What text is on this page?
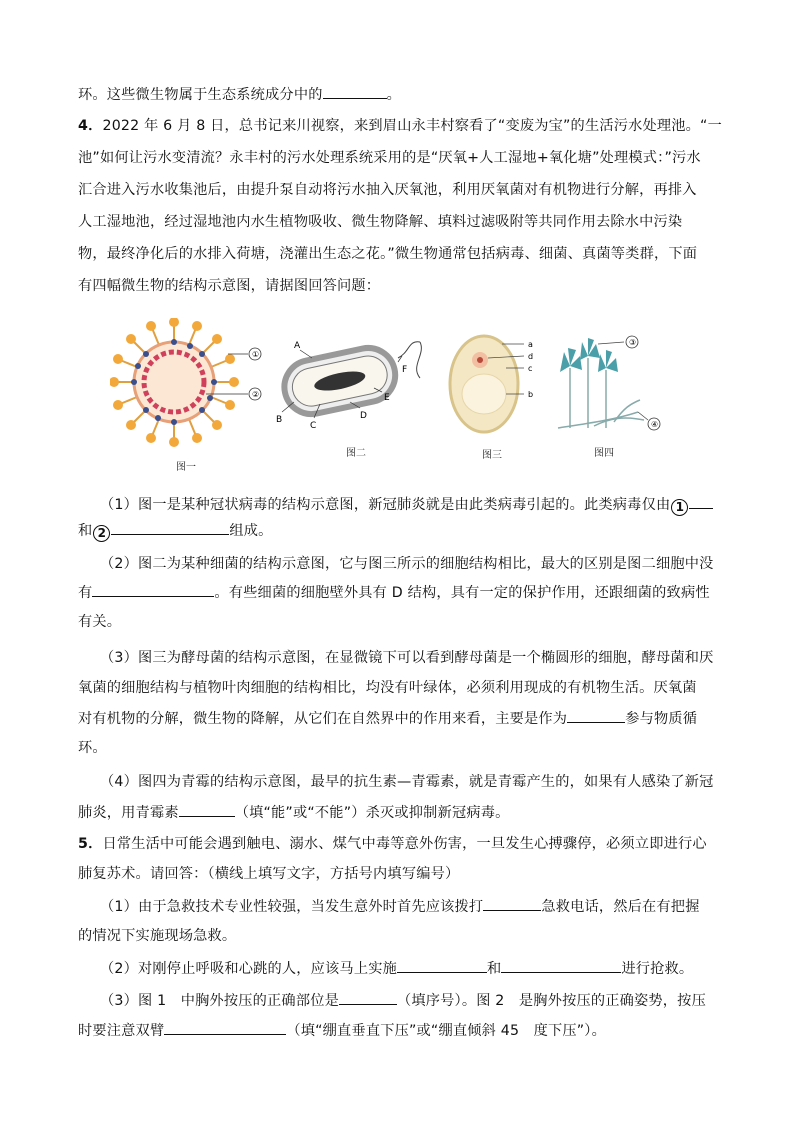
环。这些微生物属于生态系统成分中的	。
4．2022 年 6 月 8 日，总书记来川视察，来到眉山永丰村察看了“变废为宝”的生活污水处理池。“一
池”如何让污水变清流？永丰村的污水处理系统采用的是“厌氧+人工湿地+氧化塘”处理模式：”污水
汇合进入污水收集池后，由提升泵自动将污水抽入厌氧池，利用厌氧菌对有机物进行分解，再排入
人工湿地池，经过湿地池内水生植物吸收、微生物降解、填料过滤吸附等共同作用去除水中污染
物，最终净化后的水排入荷塘，浇灌出生态之花。”微生物通常包括病毒、细菌、真菌等类群，下面
有四幅微生物的结构示意图，请据图回答问题：
①
②
图一
A
B
C
D
E
F
图二
a
d
c
b
图三
③
④
图四
（1）图一是某种冠状病毒的结构示意图，新冠肺炎就是由此类病毒引起的。此类病毒仅由 1
和 2	组成。
（2）图二为某种细菌的结构示意图，它与图三所示的细胞结构相比，最大的区别是图二细胞中没
有	。有些细菌的细胞壁外具有 D 结构，具有一定的保护作用，还跟细菌的致病性
有关。
（3）图三为酵母菌的结构示意图，在显微镜下可以看到酵母菌是一个椭圆形的细胞，酵母菌和厌
氧菌的细胞结构与植物叶肉细胞的结构相比，均没有叶绿体，必须利用现成的有机物生活。厌氧菌
对有机物的分解，微生物的降解，从它们在自然界中的作用来看，主要是作为	参与物质循
环。
（4）图四为青霉的结构示意图，最早的抗生素—青霉素，就是青霉产生的，如果有人感染了新冠
肺炎，用青霉素	（填“能”或“不能”）杀灭或抑制新冠病毒。
5．日常生活中可能会遇到触电、溺水、煤气中毒等意外伤害，一旦发生心搏骤停，必须立即进行心
肺复苏术。请回答：（横线上填写文字，方括号内填写编号）
（1）由于急救技术专业性较强，当发生意外时首先应该拨打	急救电话，然后在有把握
的情况下实施现场急救。
（2）对刚停止呼吸和心跳的人，应该马上实施	和	进行抢救。
（3）图 1　中胸外按压的正确部位是	（填序号）。图 2　是胸外按压的正确姿势，按压
时要注意双臂	（填“绷直垂直下压”或“绷直倾斜 45　度下压”）。
